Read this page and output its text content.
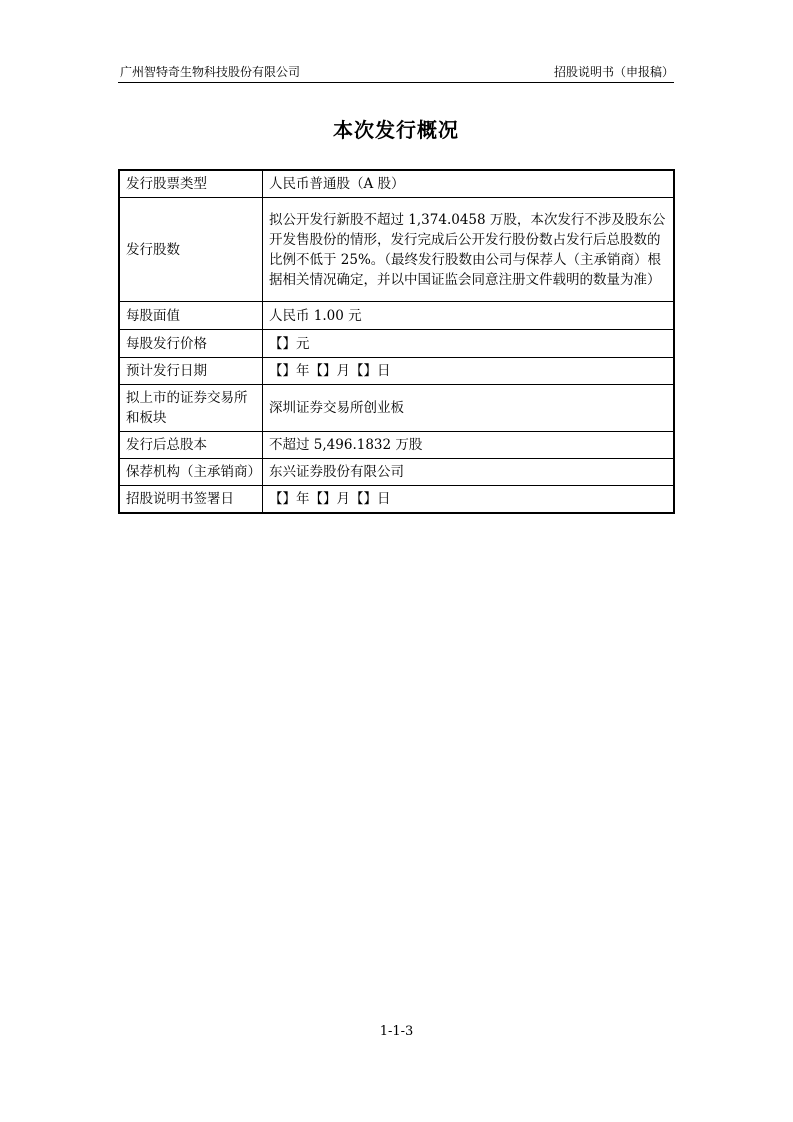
广州智特奇生物科技股份有限公司	招股说明书（申报稿）
本次发行概况
发行股票类型	人民币普通股（A 股）
发行股数	拟公开发行新股不超过 1,374.0458 万股，本次发行不涉及股东公开发售股份的情形，发行完成后公开发行股份数占发行后总股数的比例不低于 25%。（最终发行股数由公司与保荐人（主承销商）根据相关情况确定，并以中国证监会同意注册文件载明的数量为准）
每股面值	人民币 1.00 元
每股发行价格	【】元
预计发行日期	【】年【】月【】日
拟上市的证券交易所和板块	深圳证券交易所创业板
发行后总股本	不超过 5,496.1832 万股
保荐机构（主承销商）	东兴证券股份有限公司
招股说明书签署日	【】年【】月【】日
1-1-3
